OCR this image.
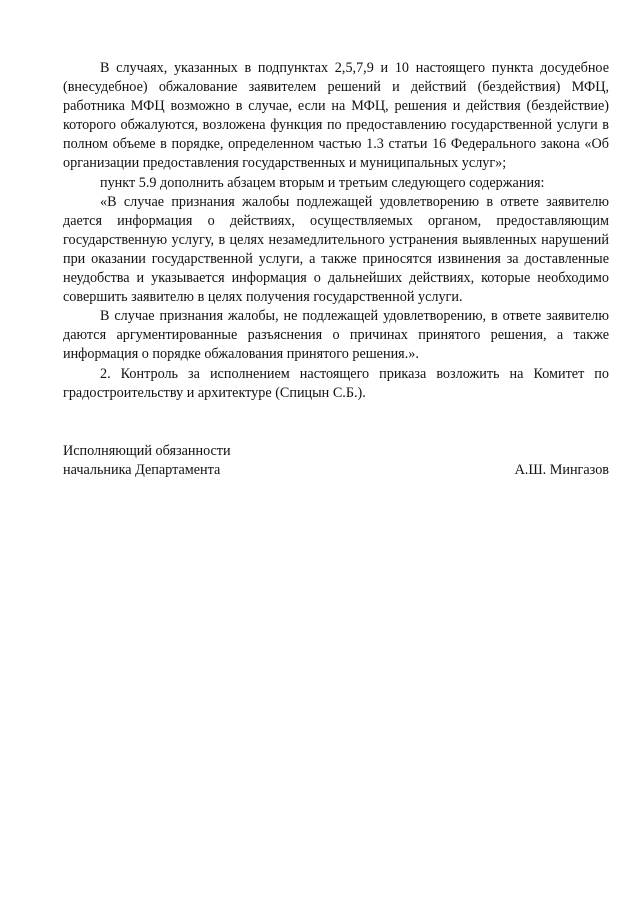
В случаях, указанных в подпунктах 2,5,7,9 и 10 настоящего пункта досудебное (внесудебное) обжалование заявителем решений и действий (бездействия) МФЦ, работника МФЦ возможно в случае, если на МФЦ, решения и действия (бездействие) которого обжалуются, возложена функция по предоставлению государственной услуги в полном объеме в порядке, определенном частью 1.3 статьи 16 Федерального закона «Об организации предоставления государственных и муниципальных услуг»;

пункт 5.9 дополнить абзацем вторым и третьим следующего содержания:

«В случае признания жалобы подлежащей удовлетворению в ответе заявителю дается информация о действиях, осуществляемых органом, предоставляющим государственную услугу, в целях незамедлительного устранения выявленных нарушений при оказании государственной услуги, а также приносятся извинения за доставленные неудобства и указывается информация о дальнейших действиях, которые необходимо совершить заявителю в целях получения государственной услуги.

В случае признания жалобы, не подлежащей удовлетворению, в ответе заявителю даются аргументированные разъяснения о причинах принятого решения, а также информация о порядке обжалования принятого решения.».

2. Контроль за исполнением настоящего приказа возложить на Комитет по градостроительству и архитектуре (Спицын С.Б.).

Исполняющий обязанности

начальника Департамента	А.Ш. Мингазов
